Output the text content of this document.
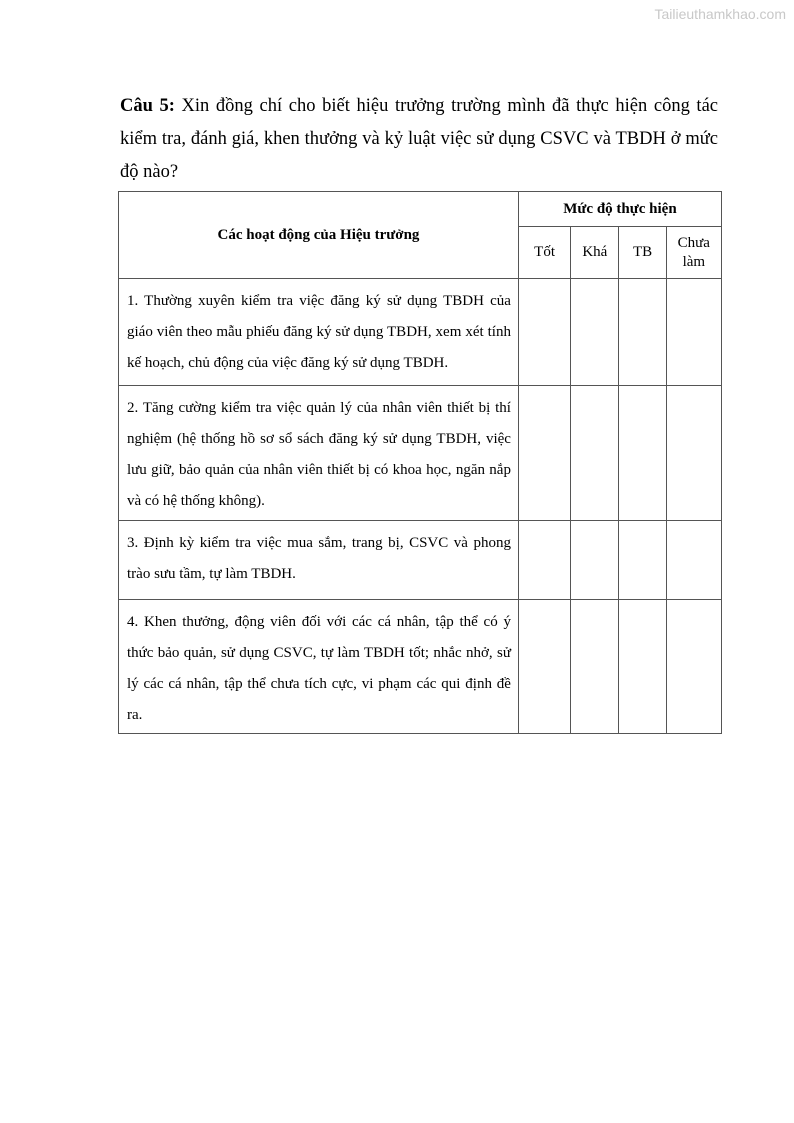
Tailieuthamkhao.com

Câu 5: Xin đồng chí cho biết hiệu trưởng trường mình đã thực hiện công tác kiểm tra, đánh giá, khen thưởng và kỷ luật việc sử dụng CSVC và TBDH ở mức độ nào?

Các hoạt động của Hiệu trưởng	Mức độ thực hiện			
	Tốt	Khá	TB	Chưa làm
1. Thường xuyên kiểm tra việc đăng ký sử dụng TBDH của giáo viên theo mẫu phiếu đăng ký sử dụng TBDH, xem xét tính kế hoạch, chủ động của việc đăng ký sử dụng TBDH.				
2. Tăng cường kiểm tra việc quản lý của nhân viên thiết bị thí nghiệm (hệ thống hồ sơ sổ sách đăng ký sử dụng TBDH, việc lưu giữ, bảo quản của nhân viên thiết bị có khoa học, ngăn nắp và có hệ thống không).				
3. Định kỳ kiểm tra việc mua sắm, trang bị, CSVC và phong trào sưu tầm, tự làm TBDH.				
4. Khen thưởng, động viên đối với các cá nhân, tập thể có ý thức bảo quản, sử dụng CSVC, tự làm TBDH tốt; nhắc nhở, sử lý các cá nhân, tập thể chưa tích cực, vi phạm các qui định đề ra.				
